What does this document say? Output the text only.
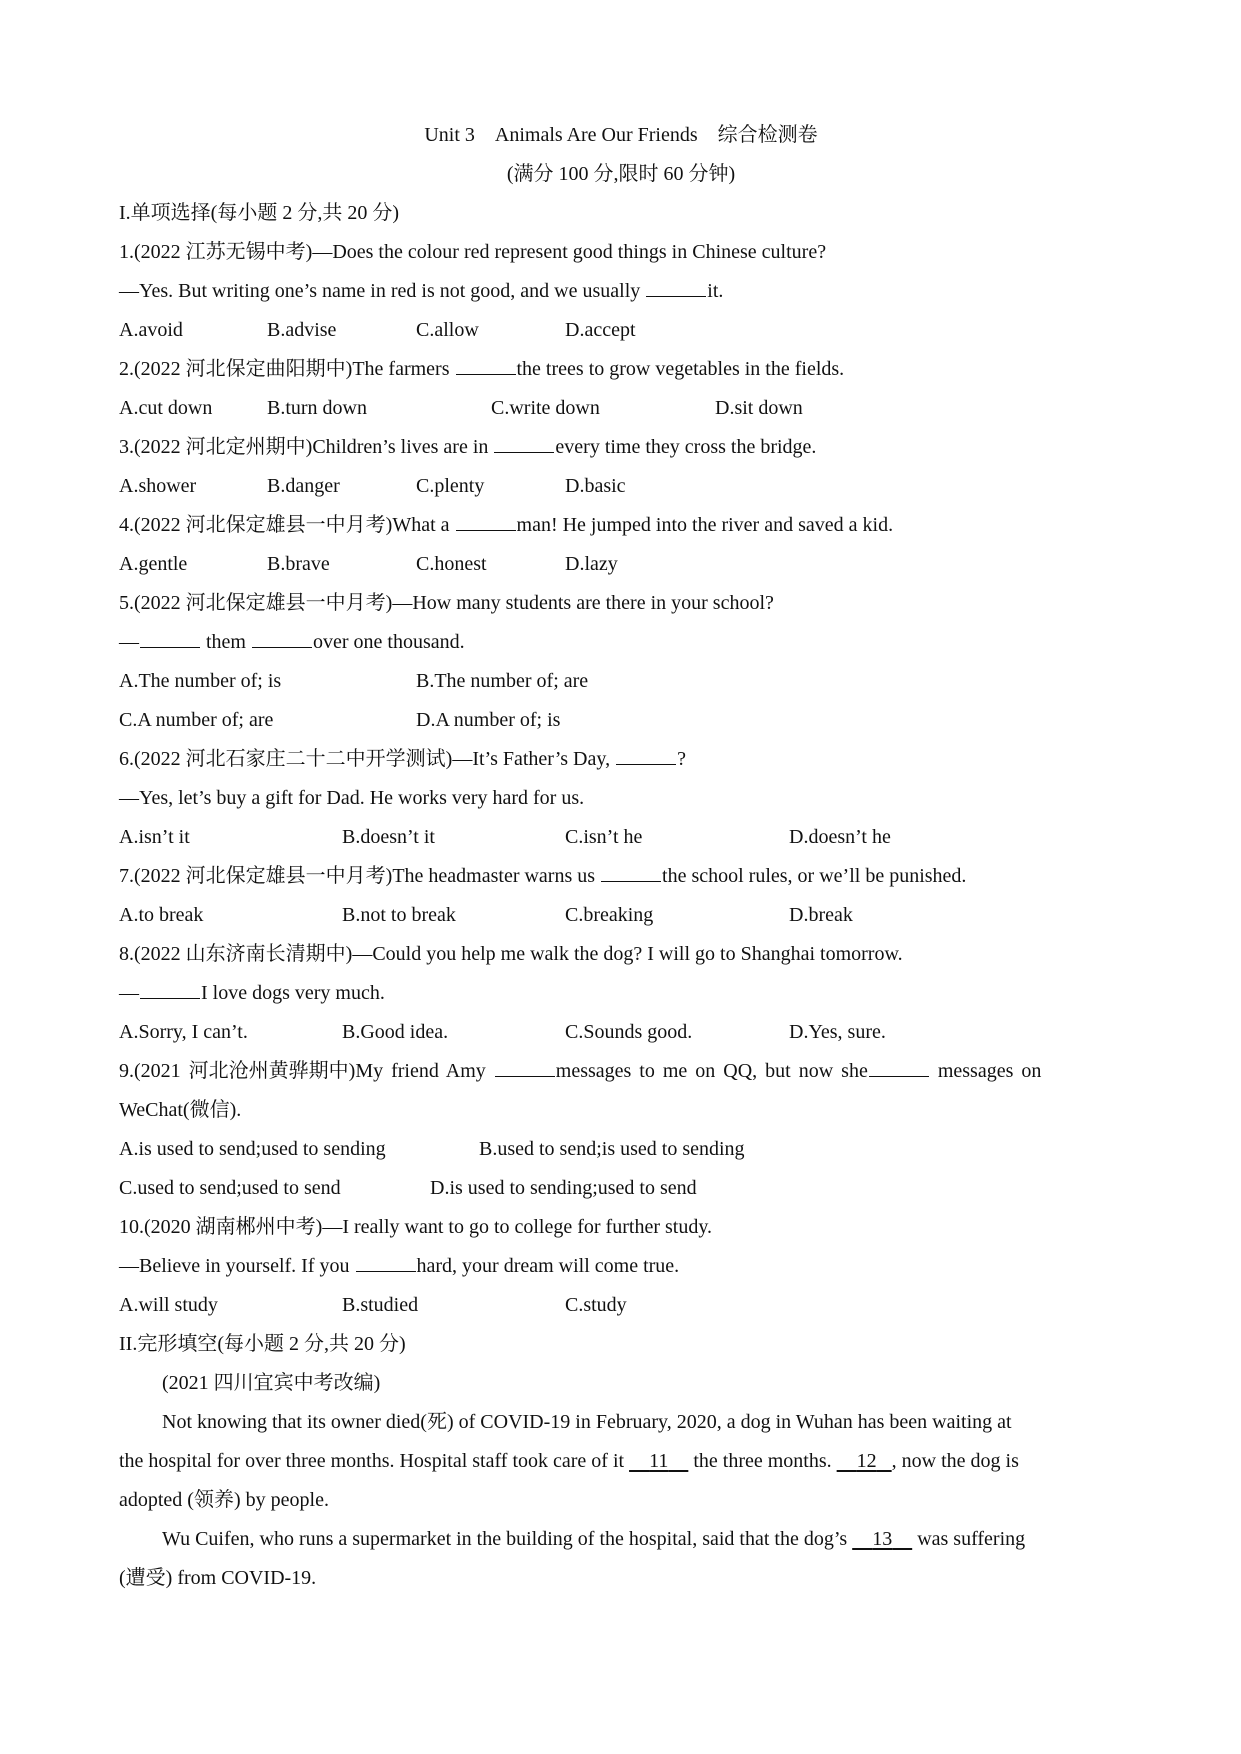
Unit 3　Animals Are Our Friends　综合检测卷
(满分 100 分,限时 60 分钟)
I.单项选择(每小题 2 分,共 20 分)
1.(2022 江苏无锡中考)—Does the colour red represent good things in Chinese culture?
—Yes. But writing one’s name in red is not good, and we usually	it.
A.avoid	B.advise	C.allow	D.accept
2.(2022 河北保定曲阳期中)The farmers	the trees to grow vegetables in the fields.
A.cut down	B.turn down	C.write down	D.sit down
3.(2022 河北定州期中)Children’s lives are in	every time they cross the bridge.
A.shower	B.danger	C.plenty	D.basic
4.(2022 河北保定雄县一中月考)What a	man! He jumped into the river and saved a kid.
A.gentle	B.brave	C.honest	D.lazy
5.(2022 河北保定雄县一中月考)—How many students are there in your school?
—	them	over one thousand.
A.The number of; is	B.The number of; are
C.A number of; are	D.A number of; is
6.(2022 河北石家庄二十二中开学测试)—It’s Father’s Day,	?
—Yes, let’s buy a gift for Dad. He works very hard for us.
A.isn’t it	B.doesn’t it	C.isn’t he	D.doesn’t he
7.(2022 河北保定雄县一中月考)The headmaster warns us	the school rules, or we’ll be punished.
A.to break	B.not to break	C.breaking	D.break
8.(2022 山东济南长清期中)—Could you help me walk the dog? I will go to Shanghai tomorrow.
—	I love dogs very much.
A.Sorry, I can’t.	B.Good idea.	C.Sounds good.	D.Yes, sure.
9.(2021 河北沧州黄骅期中)My friend Amy	messages to me on QQ, but now she	messages on
WeChat(微信).
A.is used to send;used to sending	B.used to send;is used to sending
C.used to send;used to send	D.is used to sending;used to send
10.(2020 湖南郴州中考)—I really want to go to college for further study.
—Believe in yourself. If you	hard, your dream will come true.
A.will study	B.studied	C.study
II.完形填空(每小题 2 分,共 20 分)
(2021 四川宜宾中考改编)
Not knowing that its owner died(死) of COVID-19 in February, 2020, a dog in Wuhan has been waiting at
the hospital for over three months. Hospital staff took care of it     11     the three months.     12 , now the dog is
adopted (领养) by people.
Wu Cuifen, who runs a supermarket in the building of the hospital, said that the dog’s     13     was suffering
(遭受) from COVID-19.
